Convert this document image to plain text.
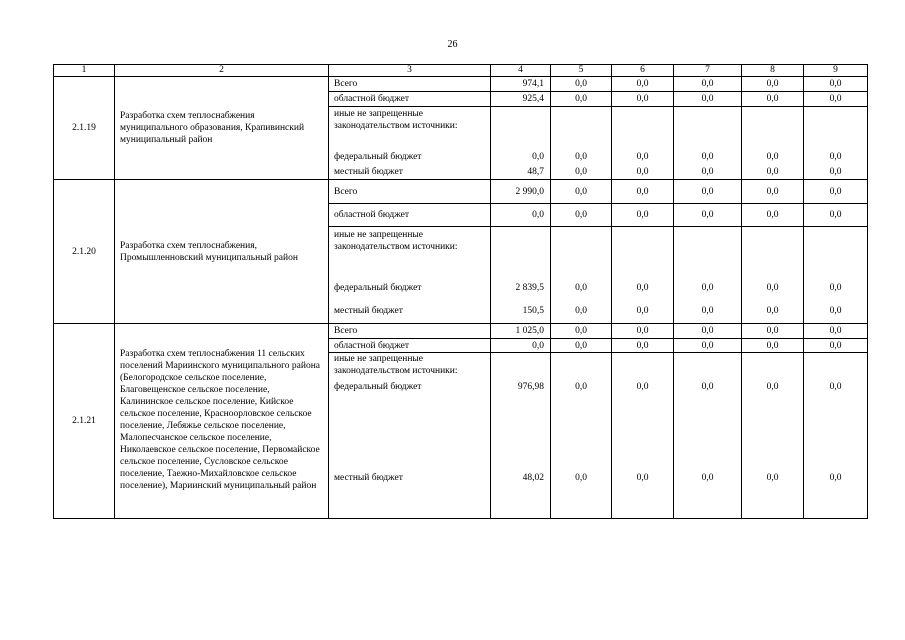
26
1	2	3	4	5	6	7	8	9
2.1.19	Разработка схем теплоснабжения муниципального образования, Крапивинский муниципальный район	Всего	974,1	0,0	0,0	0,0	0,0	0,0
		областной бюджет	925,4	0,0	0,0	0,0	0,0	0,0
		иные не запрещенные законодательством источники:						
		федеральный бюджет	0,0	0,0	0,0	0,0	0,0	0,0
		местный бюджет	48,7	0,0	0,0	0,0	0,0	0,0
2.1.20	Разработка схем теплоснабжения, Промышленновский муниципальный район	Всего	2 990,0	0,0	0,0	0,0	0,0	0,0
		областной бюджет	0,0	0,0	0,0	0,0	0,0	0,0
		иные не запрещенные законодательством источники:						
		федеральный бюджет	2 839,5	0,0	0,0	0,0	0,0	0,0
		местный бюджет	150,5	0,0	0,0	0,0	0,0	0,0
2.1.21	Разработка схем теплоснабжения 11 сельских поселений Мариинского муниципального района (Белогородское сельское поселение, Благовещенское сельское поселение, Калининское сельское поселение, Кийское сельское поселение, Красноорловское сельское поселение, Лебяжье сельское поселение, Малопесчанское сельское поселение, Николаевское сельское поселение, Первомайское сельское поселение, Сусловское сельское поселение, Таежно-Михайловское сельское поселение), Мариинский муниципальный район	Всего	1 025,0	0,0	0,0	0,0	0,0	0,0
		областной бюджет	0,0	0,0	0,0	0,0	0,0	0,0
		иные не запрещенные законодательством источники:						
		федеральный бюджет	976,98	0,0	0,0	0,0	0,0	0,0
		местный бюджет	48,02	0,0	0,0	0,0	0,0	0,0
